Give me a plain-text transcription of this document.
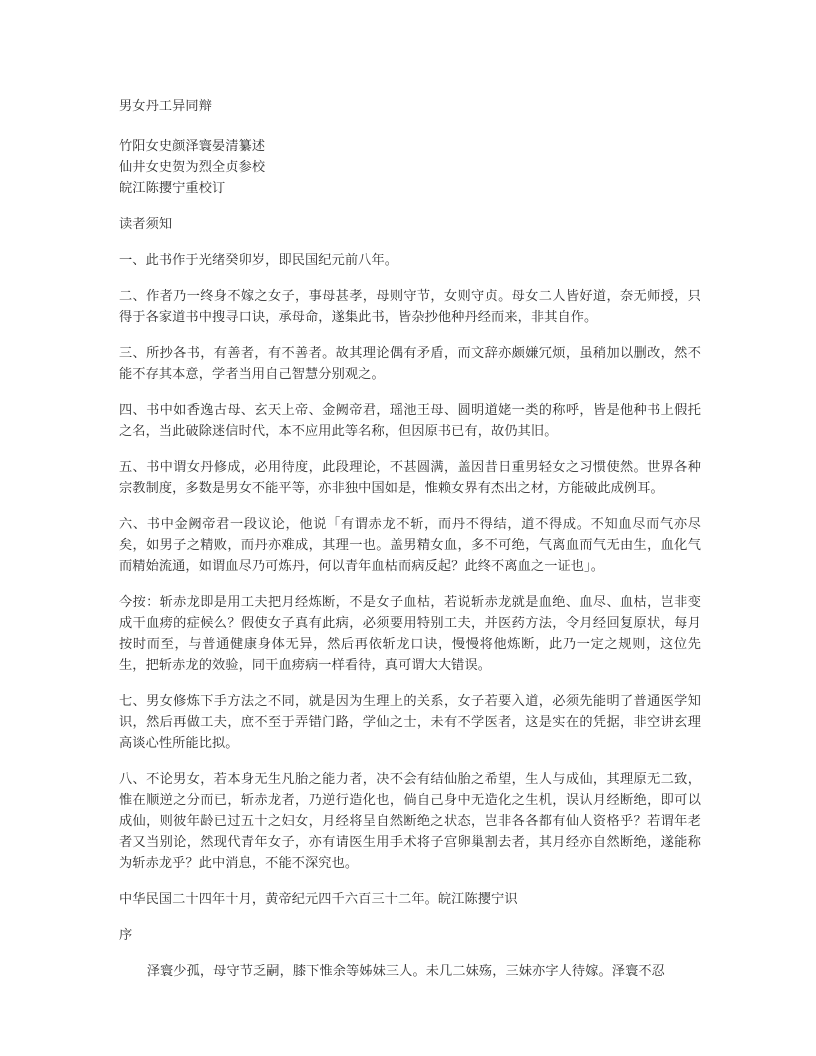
男女丹工异同辩

竹阳女史颜泽寰晏清纂述

仙井女史贺为烈全贞参校

皖江陈撄宁重校订

读者须知

一、此书作于光绪癸卯岁，即民国纪元前八年。

二、作者乃一终身不嫁之女子，事母甚孝，母则守节，女则守贞。母女二人皆好道，奈无师授，只得于各家道书中搜寻口诀，承母命，遂集此书，皆杂抄他种丹经而来，非其自作。

三、所抄各书，有善者，有不善者。故其理论偶有矛盾，而文辞亦颇嫌冗烦，虽稍加以删改，然不能不存其本意，学者当用自己智慧分别观之。

四、书中如香逸古母、玄天上帝、金阙帝君，瑶池王母、圆明道姥一类的称呼，皆是他种书上假托之名，当此破除迷信时代，本不应用此等名称，但因原书已有，故仍其旧。

五、书中谓女丹修成，必用待度，此段理论，不甚圆满，盖因昔日重男轻女之习惯使然。世界各种宗教制度，多数是男女不能平等，亦非独中国如是，惟赖女界有杰出之材，方能破此成例耳。

六、书中金阙帝君一段议论，他说「有谓赤龙不斩，而丹不得结，道不得成。不知血尽而气亦尽矣，如男子之精败，而丹亦难成，其理一也。盖男精女血，多不可绝，气离血而气无由生，血化气而精始流通，如谓血尽乃可炼丹，何以青年血枯而病反起？此终不离血之一证也」。

今按：斩赤龙即是用工夫把月经炼断，不是女子血枯，若说斩赤龙就是血绝、血尽、血枯，岂非变成干血痨的症候么？假使女子真有此病，必须要用特别工夫，并医药方法，令月经回复原状，每月按时而至，与普通健康身体无异，然后再依斩龙口诀，慢慢将他炼断，此乃一定之规则，这位先生，把斩赤龙的效验，同干血痨病一样看待，真可谓大大错误。

七、男女修炼下手方法之不同，就是因为生理上的关系，女子若要入道，必须先能明了普通医学知识，然后再做工夫，庶不至于弄错门路，学仙之士，未有不学医者，这是实在的凭据，非空讲玄理高谈心性所能比拟。

八、不论男女，若本身无生凡胎之能力者，决不会有结仙胎之希望，生人与成仙，其理原无二致，惟在顺逆之分而已，斩赤龙者，乃逆行造化也，倘自己身中无造化之生机，误认月经断绝，即可以成仙，则彼年龄已过五十之妇女，月经将呈自然断绝之状态，岂非各各都有仙人资格乎？若谓年老者又当别论，然现代青年女子，亦有请医生用手术将子宫卵巢割去者，其月经亦自然断绝，遂能称为斩赤龙乎？此中消息，不能不深究也。

中华民国二十四年十月，黄帝纪元四千六百三十二年。皖江陈撄宁识

序

泽寰少孤，母守节乏嗣，膝下惟余等姊妹三人。未几二妹殇，三妹亦字人待嫁。泽寰不忍
